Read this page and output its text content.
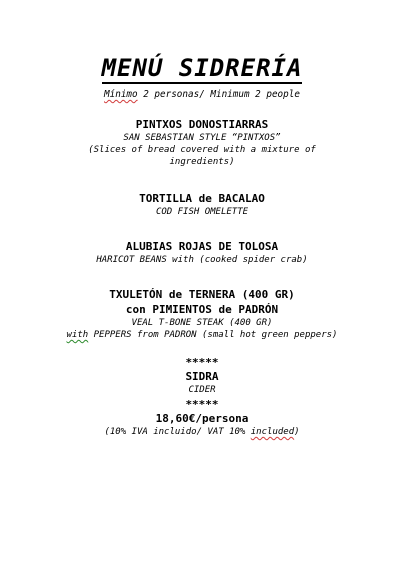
MENÚ SIDRERÍA
Mínimo 2 personas/ Minimum 2 people
PINTXOS DONOSTIARRAS
SAN SEBASTIAN STYLE “PINTXOS”
(Slices of bread covered with a mixture of
ingredients)
TORTILLA de BACALAO
COD FISH OMELETTE
ALUBIAS ROJAS DE TOLOSA
HARICOT BEANS with (cooked spider crab)
TXULETÓN de TERNERA (400 GR)
con PIMIENTOS de PADRÓN
VEAL T-BONE STEAK (400 GR)
with PEPPERS from PADRON (small hot green peppers)
*****
SIDRA
CIDER
*****
18,60€/persona
(10% IVA incluido/ VAT 10% included)
